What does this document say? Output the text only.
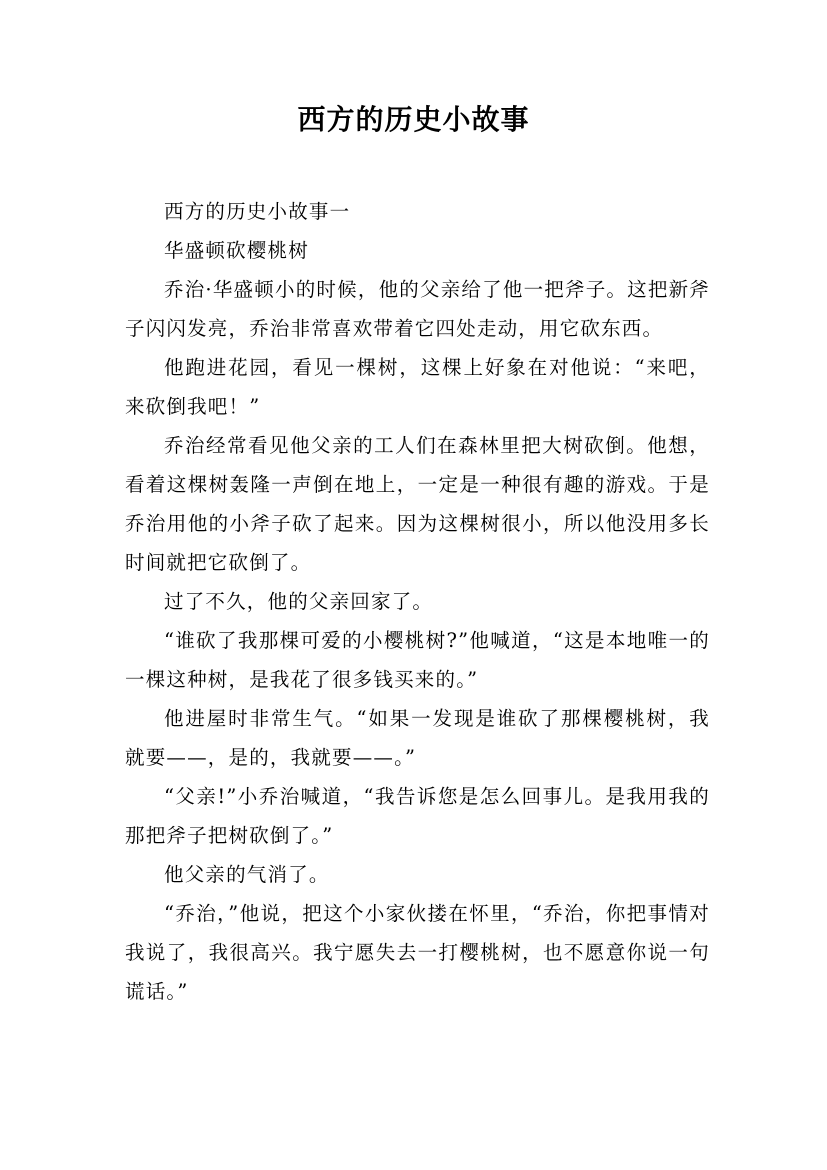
西方的历史小故事

西方的历史小故事一

华盛顿砍樱桃树

乔治·华盛顿小的时候，他的父亲给了他一把斧子。这把新斧子闪闪发亮，乔治非常喜欢带着它四处走动，用它砍东西。

他跑进花园，看见一棵树，这棵上好象在对他说：“来吧，来砍倒我吧！”

乔治经常看见他父亲的工人们在森林里把大树砍倒。他想，看着这棵树轰隆一声倒在地上，一定是一种很有趣的游戏。于是乔治用他的小斧子砍了起来。因为这棵树很小，所以他没用多长时间就把它砍倒了。

过了不久，他的父亲回家了。

“谁砍了我那棵可爱的小樱桃树?”他喊道，“这是本地唯一的一棵这种树，是我花了很多钱买来的。”

他进屋时非常生气。“如果一发现是谁砍了那棵樱桃树，我就要——，是的，我就要——。”

“父亲!”小乔治喊道，“我告诉您是怎么回事儿。是我用我的那把斧子把树砍倒了。”

他父亲的气消了。

“乔治，”他说，把这个小家伙搂在怀里，“乔治，你把事情对我说了，我很高兴。我宁愿失去一打樱桃树，也不愿意你说一句谎话。”
